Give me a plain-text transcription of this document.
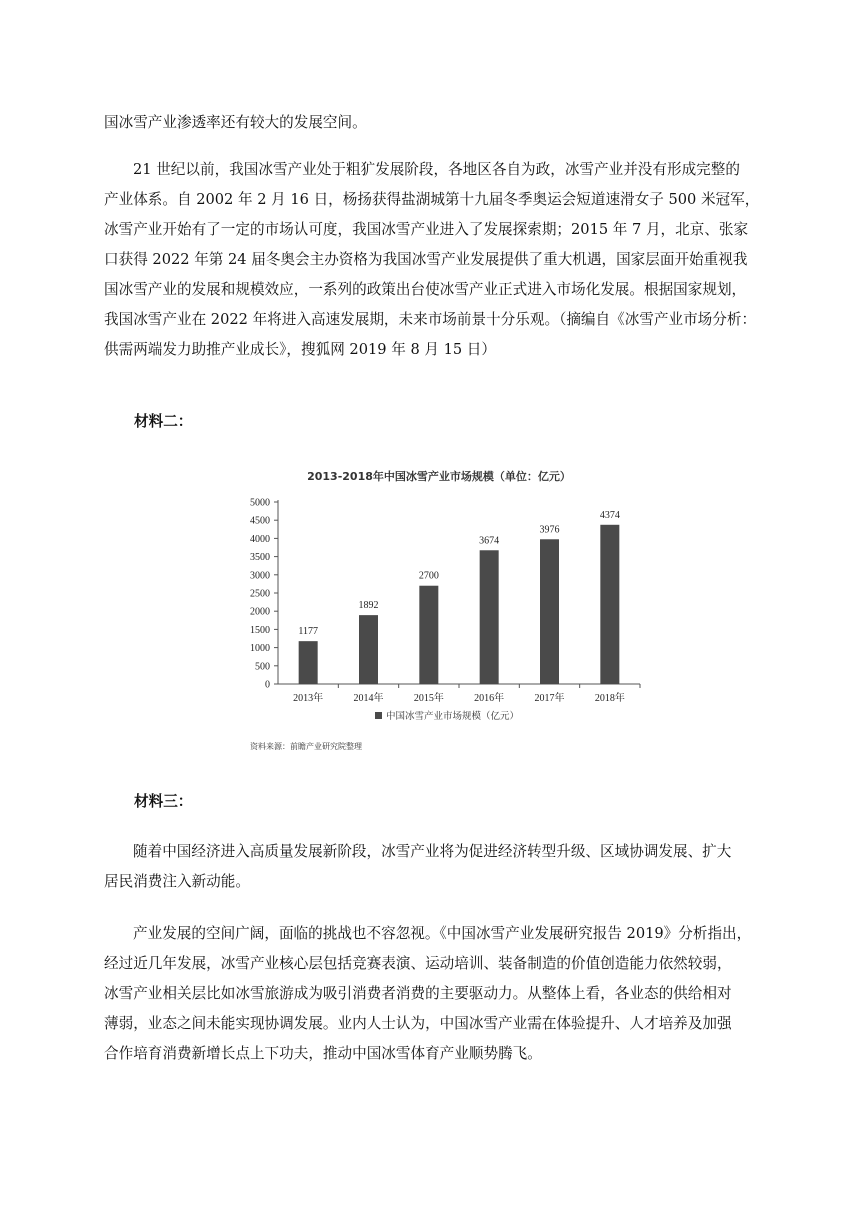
国冰雪产业渗透率还有较大的发展空间。

21 世纪以前，我国冰雪产业处于粗犷发展阶段，各地区各自为政，冰雪产业并没有形成完整的
产业体系。自 2002 年 2 月 16 日，杨扬获得盐湖城第十九届冬季奥运会短道速滑女子 500 米冠军，
冰雪产业开始有了一定的市场认可度，我国冰雪产业进入了发展探索期；2015 年 7 月，北京、张家
口获得 2022 年第 24 届冬奥会主办资格为我国冰雪产业发展提供了重大机遇，国家层面开始重视我
国冰雪产业的发展和规模效应，一系列的政策出台使冰雪产业正式进入市场化发展。根据国家规划，
我国冰雪产业在 2022 年将进入高速发展期，未来市场前景十分乐观。（摘编自《冰雪产业市场分析：
供需两端发力助推产业成长》，搜狐网 2019 年 8 月 15 日）

材料二：

2013-2018年中国冰雪产业市场规模（单位：亿元）
0
500
1000
1500
2000
2500
3000
3500
4000
4500
5000
2013年	2014年	2015年	2016年	2017年	2018年
1177
1892
2700
3674
3976
4374
中国冰雪产业市场规模（亿元）
资料来源：前瞻产业研究院整理

材料三：

随着中国经济进入高质量发展新阶段，冰雪产业将为促进经济转型升级、区域协调发展、扩大
居民消费注入新动能。

产业发展的空间广阔，面临的挑战也不容忽视。《中国冰雪产业发展研究报告 2019》分析指出，
经过近几年发展，冰雪产业核心层包括竞赛表演、运动培训、装备制造的价值创造能力依然较弱，
冰雪产业相关层比如冰雪旅游成为吸引消费者消费的主要驱动力。从整体上看，各业态的供给相对
薄弱，业态之间未能实现协调发展。业内人士认为，中国冰雪产业需在体验提升、人才培养及加强
合作培育消费新增长点上下功夫，推动中国冰雪体育产业顺势腾飞。
